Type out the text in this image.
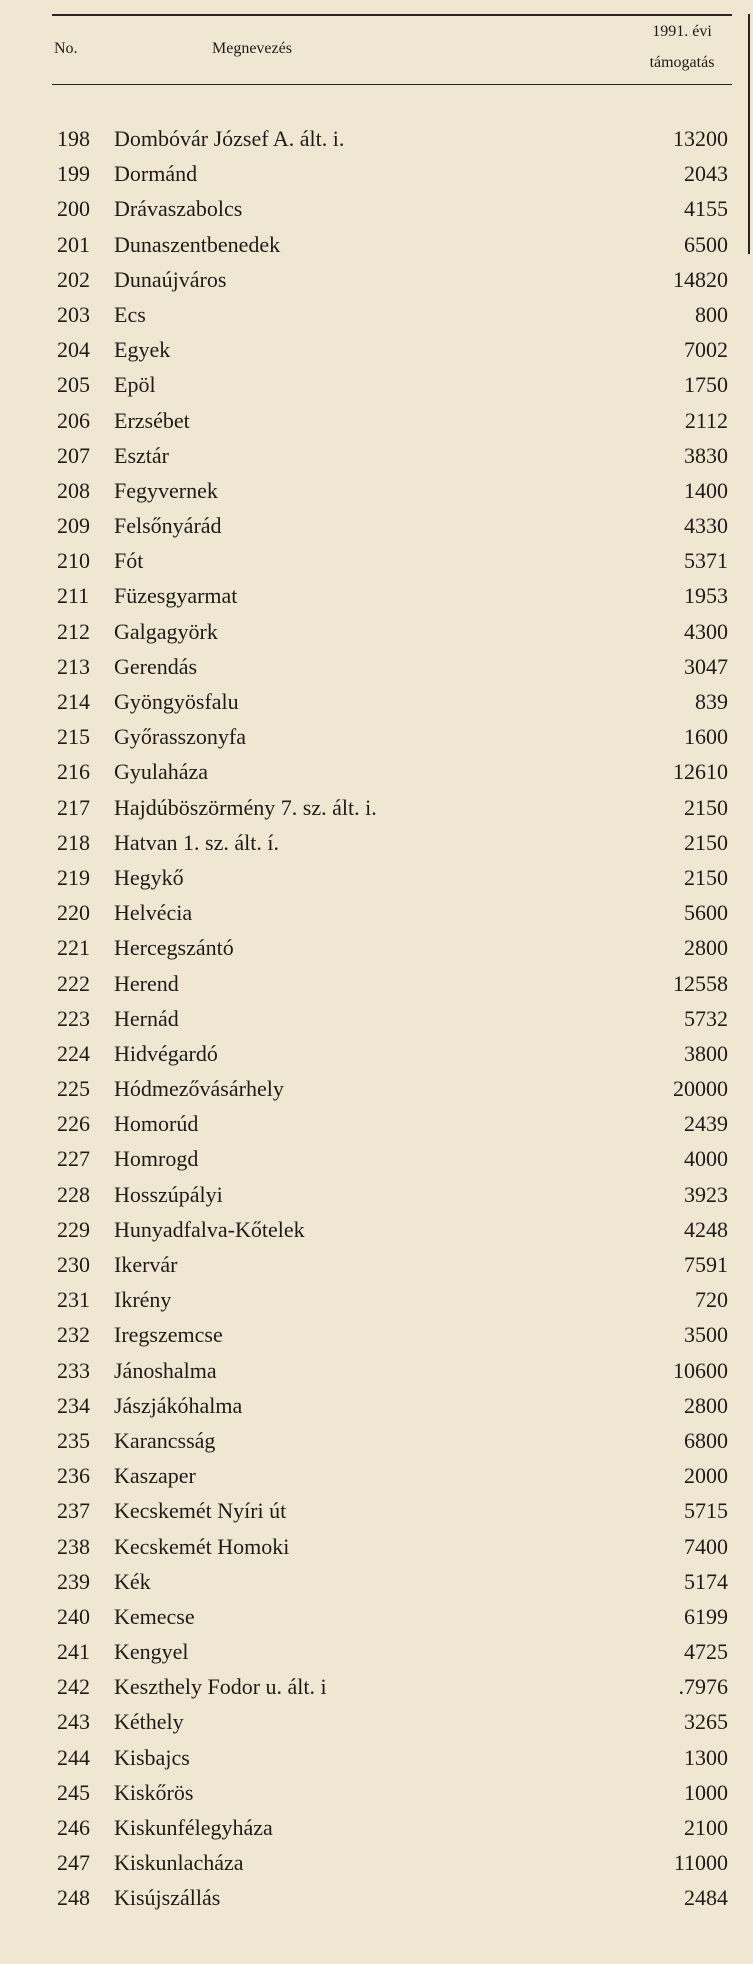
No.	Megnevezés
1991. évi
támogatás
198	Dombóvár József A. ált. i.	13200
199	Dormánd	2043
200	Drávaszabolcs	4155
201	Dunaszentbenedek	6500
202	Dunaújváros	14820
203	Ecs	800
204	Egyek	7002
205	Epöl	1750
206	Erzsébet	2112
207	Esztár	3830
208	Fegyvernek	1400
209	Felsőnyárád	4330
210	Fót	5371
211	Füzesgyarmat	1953
212	Galgagyörk	4300
213	Gerendás	3047
214	Gyöngyösfalu	839
215	Győrasszonyfa	1600
216	Gyulaháza	12610
217	Hajdúböszörmény 7. sz. ált. i.	2150
218	Hatvan 1. sz. ált. í.	2150
219	Hegykő	2150
220	Helvécia	5600
221	Hercegszántó	2800
222	Herend	12558
223	Hernád	5732
224	Hidvégardó	3800
225	Hódmezővásárhely	20000
226	Homorúd	2439
227	Homrogd	4000
228	Hosszúpályi	3923
229	Hunyadfalva-Kőtelek	4248
230	Ikervár	7591
231	Ikrény	720
232	Iregszemcse	3500
233	Jánoshalma	10600
234	Jászjákóhalma	2800
235	Karancsság	6800
236	Kaszaper	2000
237	Kecskemét Nyíri út	5715
238	Kecskemét Homoki	7400
239	Kék	5174
240	Kemecse	6199
241	Kengyel	4725
242	Keszthely Fodor u. ált. i	.7976
243	Kéthely	3265
244	Kisbajcs	1300
245	Kiskőrös	1000
246	Kiskunfélegyháza	2100
247	Kiskunlacháza	11000
248	Kisújszállás	2484
